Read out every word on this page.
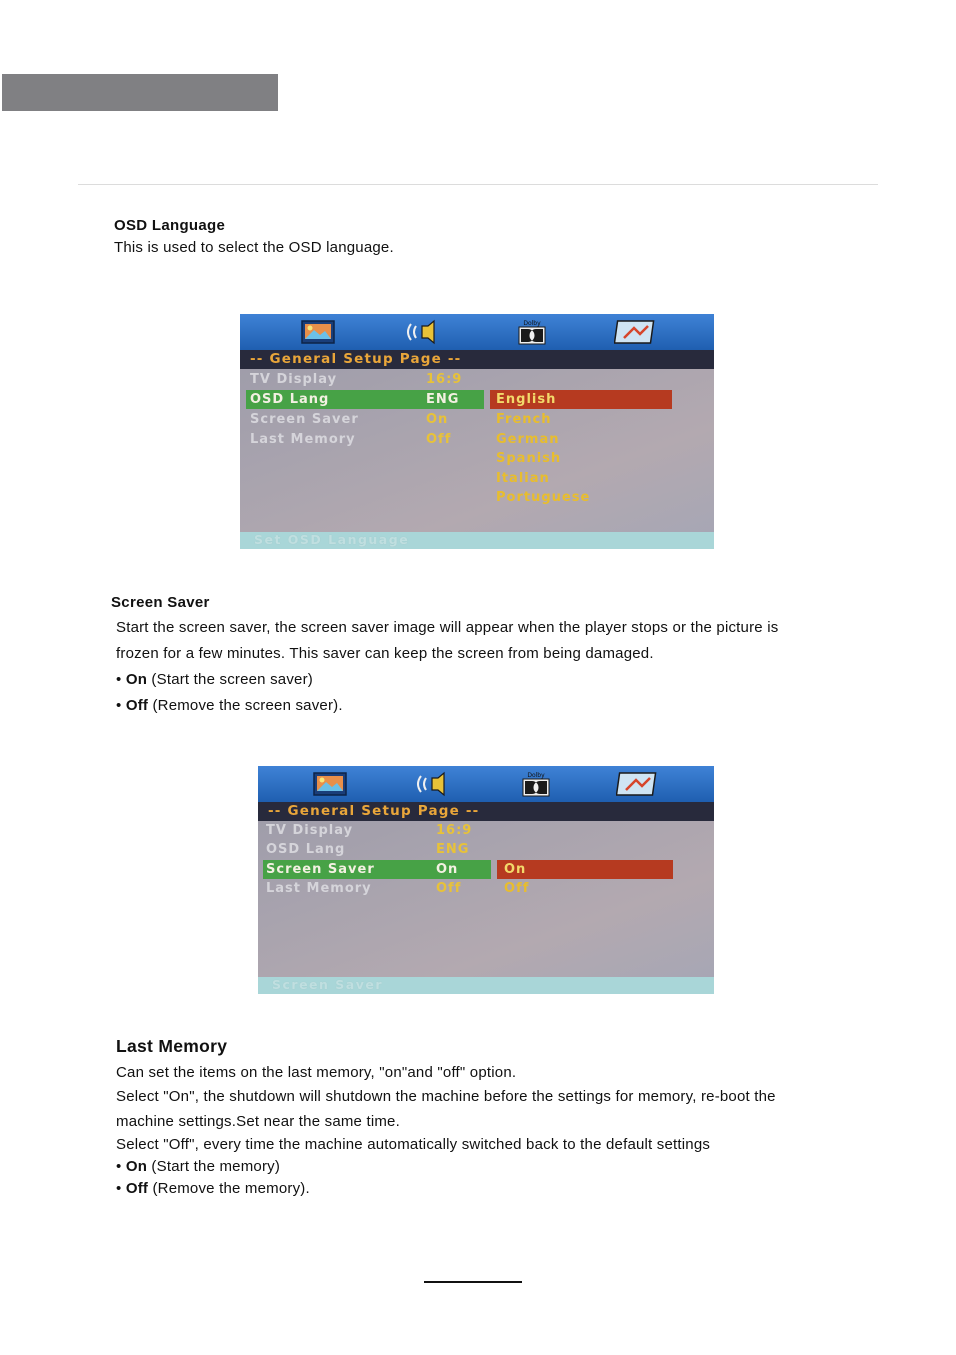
OSD Language
This is used to select the OSD language.
Dolby
-- General Setup Page --
TV Display	16:9
OSD Lang	ENG
Screen Saver	On
Last Memory	Off
English
French
German
Spanish
Italian
Portuguese
Set OSD Language
Screen Saver
Start the screen saver, the screen saver image will appear when the player stops or the picture is
frozen for a few minutes. This saver can keep the screen from being damaged.
• On (Start the screen saver)
• Off (Remove the screen saver).
Dolby
-- General Setup Page --
TV Display	16:9
OSD Lang	ENG
Screen Saver	On
Last Memory	Off
On
Off
Screen Saver
Last Memory
Can set the items on the last memory, "on"and "off" option.
Select "On", the shutdown will shutdown the machine before the settings for memory, re-boot the
machine settings.Set near the same time.
Select "Off", every time the machine automatically switched back to the default settings
• On (Start the memory)
• Off (Remove the memory).
